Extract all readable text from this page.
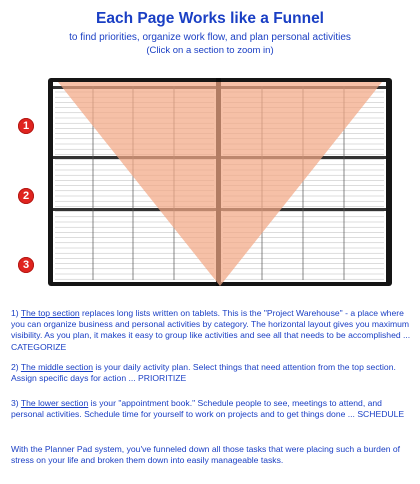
Each Page Works like a Funnel
to find priorities, organize work flow, and plan personal activities
(Click on a section to zoom in)
1
2
3
1) The top section replaces long lists written on tablets. This is the "Project Warehouse" - a place where you can organize business and personal activities by category. The horizontal layout gives you maximum visibility. As you plan, it makes it easy to group like activities and see all that needs to be accomplished ... CATEGORIZE
2) The middle section is your daily activity plan. Select things that need attention from the top section. Assign specific days for action ... PRIORITIZE
3) The lower section is your "appointment book." Schedule people to see, meetings to attend, and personal activities. Schedule time for yourself to work on projects and to get things done ... SCHEDULE
With the Planner Pad system, you've funneled down all those tasks that were placing such a burden of stress on your life and broken them down into easily manageable tasks.
